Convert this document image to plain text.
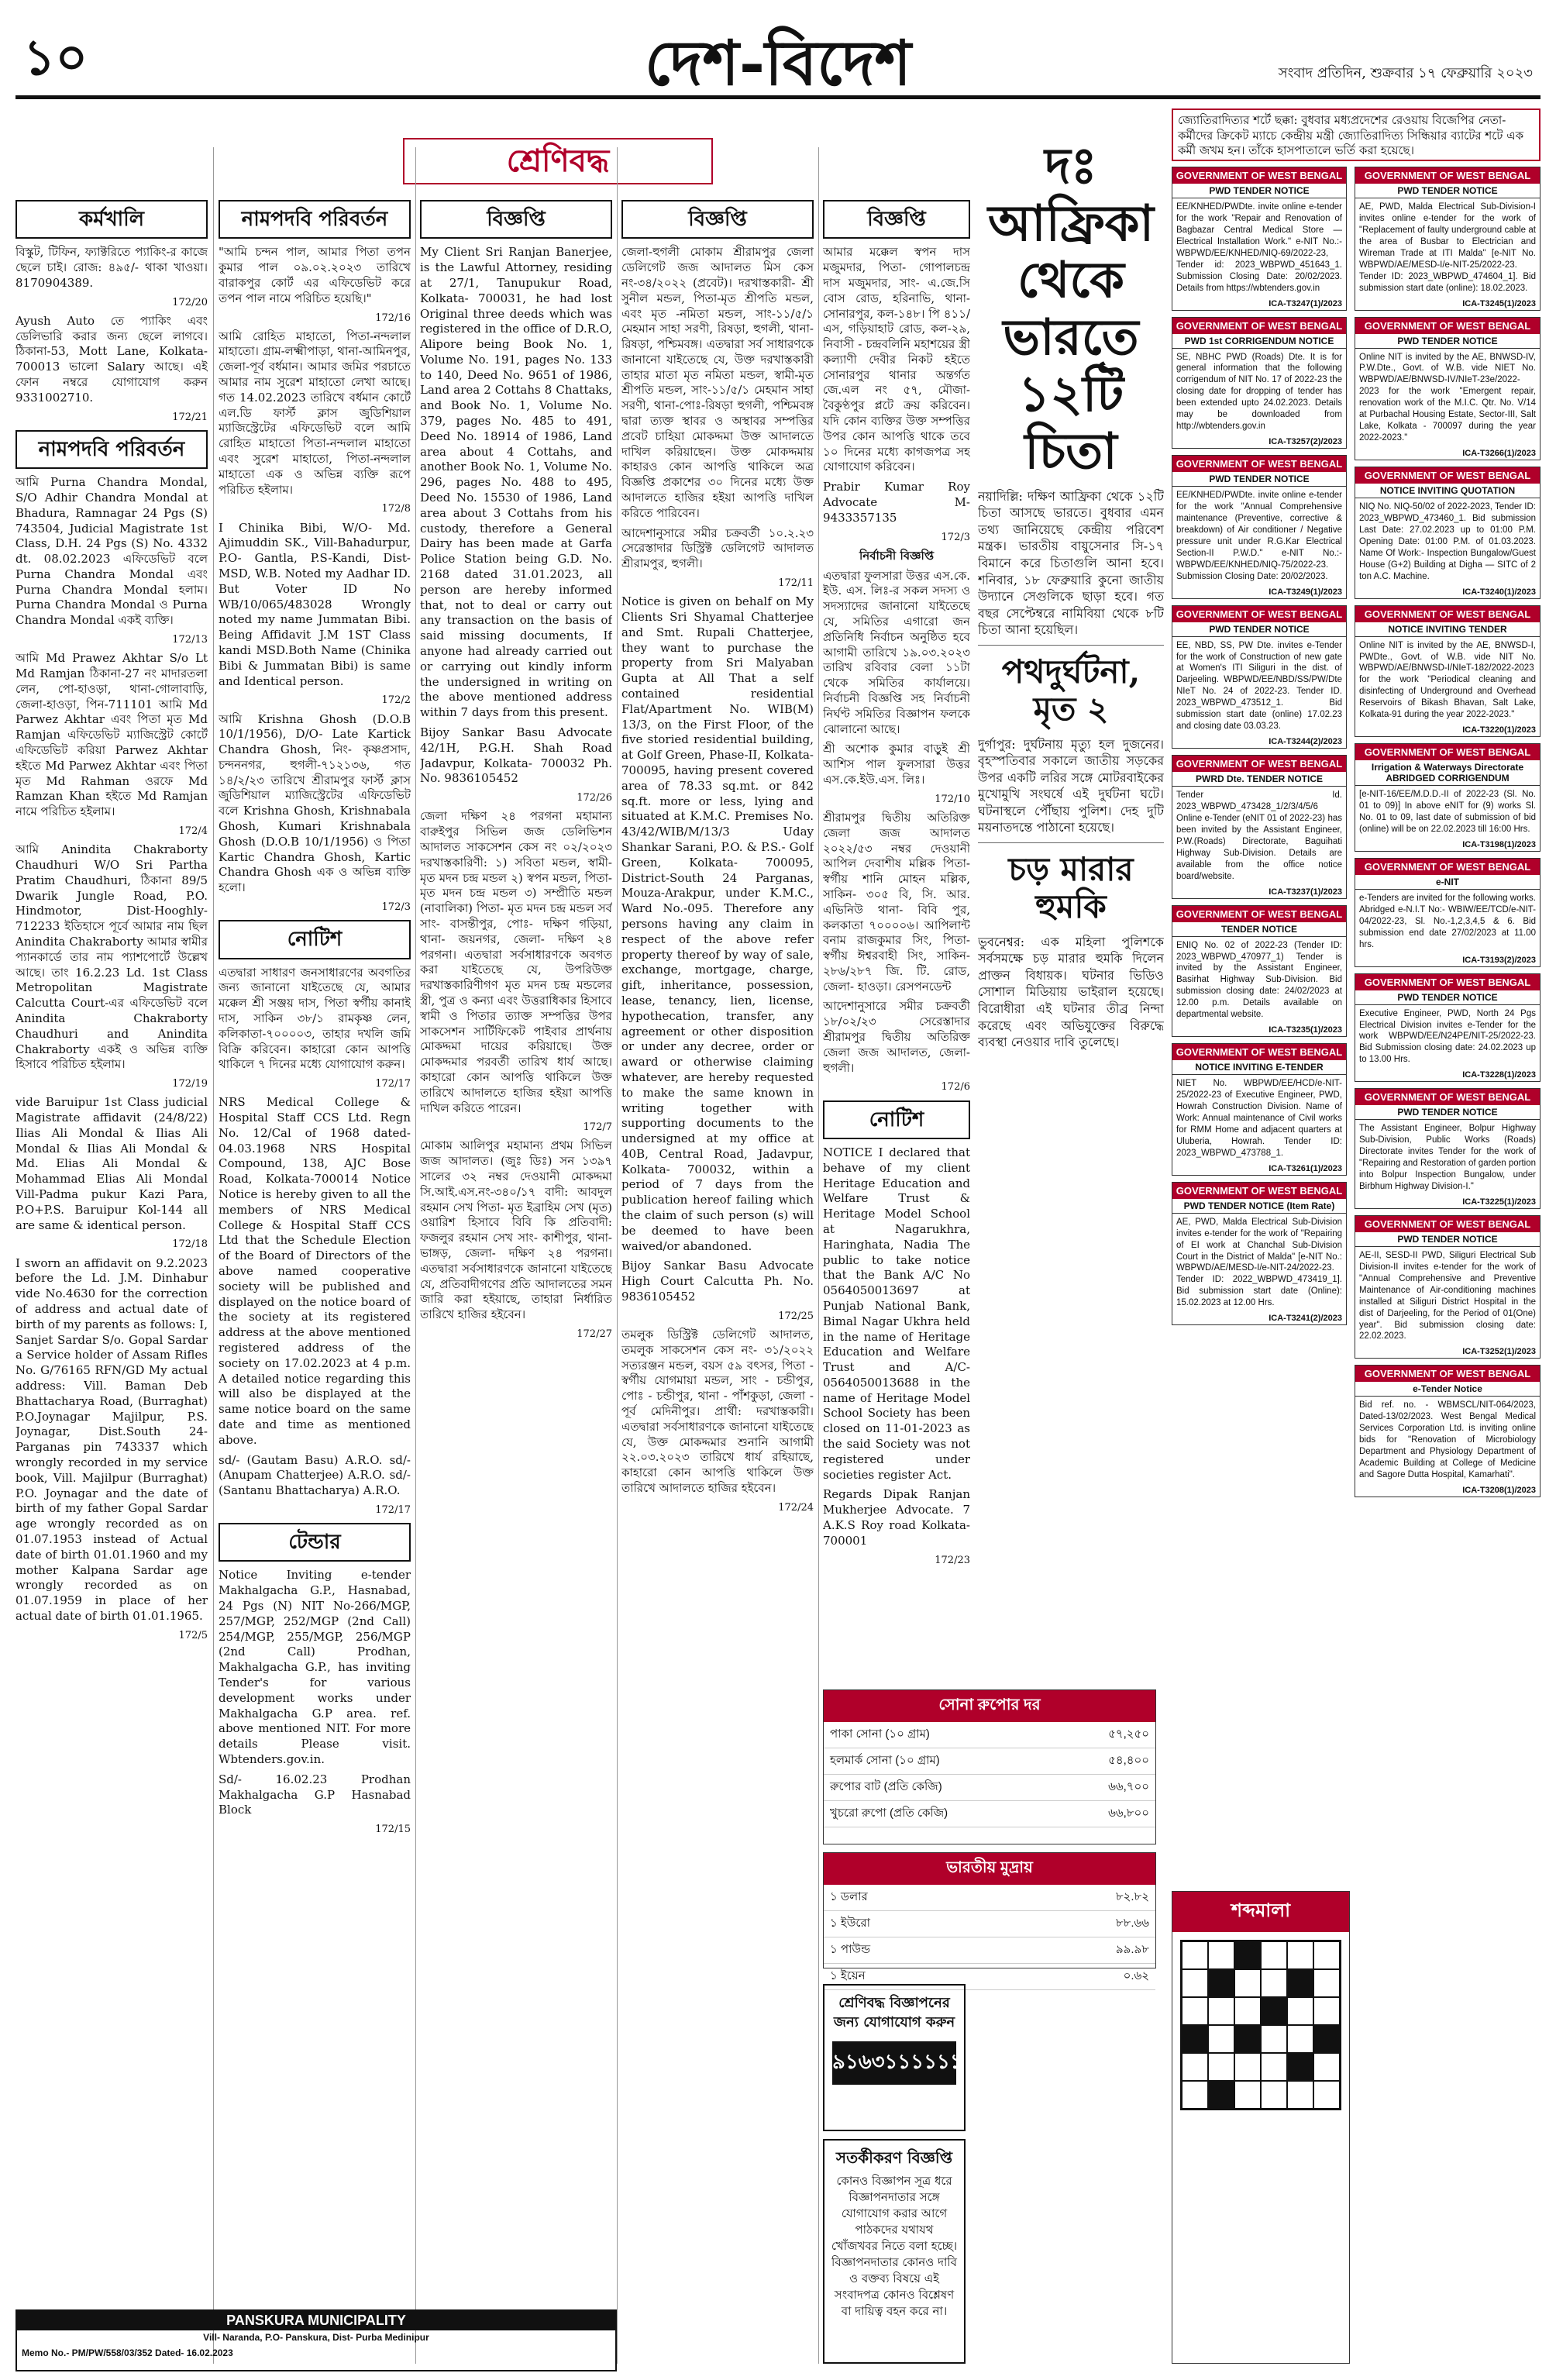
১০	দেশ-বিদেশ	সংবাদ প্রতিদিন, শুক্রবার ১৭ ফেব্রুয়ারি ২০২৩
শ্রেণিবদ্ধ
কর্মখালি

বিস্কুট, টিফিন, ফ্যাক্টরিতে প্যাকিং-র কাজে ছেলে চাই। রোজ: ৪৯৫/- থাকা খাওয়া। 8170904389.

172/20

Ayush Auto তে প্যাকিং এবং ডেলিভারি করার জন্য ছেলে লাগবে। ঠিকানা-53, Mott Lane, Kolkata-700013 ভালো Salary আছে। এই ফোন নম্বরে যোগাযোগ করুন 9331002710.

172/21
নামপদবি পরিবর্তন

আমি Purna Chandra Mondal, S/O Adhir Chandra Mondal at Bhadura, Ramnagar 24 Pgs (S) 743504, Judicial Magistrate 1st Class, D.H. 24 Pgs (S) No. 4332 dt. 08.02.2023 এফিডেভিট বলে Purna Chandra Mondal এবং Purna Chandra Mondal হলাম। Purna Chandra Mondal ও Purna Chandra Mondal একই ব্যক্তি।

172/13

আমি Md Prawez Akhtar S/o Lt Md Ramjan ঠিকানা-27 নং মাদারতলা লেন, পো-হাওড়া, থানা-গোলাবাড়ি, জেলা-হাওড়া, পিন-711101 আমি Md Parwez Akhtar এবং পিতা মৃত Md Ramjan এফিডেভিট ম্যাজিস্ট্রেট কোর্টে এফিডেভিট করিয়া Parwez Akhtar হইতে Md Parwez Akhtar এবং পিতা মৃত Md Rahman ওরফে Md Ramzan Khan হইতে Md Ramjan নামে পরিচিত হইলাম।

172/4

আমি Anindita Chakraborty Chaudhuri W/O Sri Partha Pratim Chaudhuri, ঠিকানা 89/5 Dwarik Jungle Road, P.O. Hindmotor, Dist-Hooghly-712233 ইতিহাসে পূর্বে আমার নাম ছিল Anindita Chakraborty আমার স্বামীর প্যানকার্ডে তার নাম প্যাশপোর্টে উল্লেখ আছে। তাং 16.2.23 Ld. 1st Class Metropolitan Magistrate Calcutta Court-এর এফিডেভিট বলে Anindita Chakraborty Chaudhuri and Anindita Chakraborty একই ও অভিন্ন ব্যক্তি হিসাবে পরিচিত হইলাম।

172/19

vide Baruipur 1st Class judicial Magistrate affidavit (24/8/22) Ilias Ali Mondal & Ilias Ali Mondal & Ilias Ali Mondal & Md. Elias Ali Mondal & Mohammad Elias Ali Mondal Vill-Padma pukur Kazi Para, P.O+P.S. Baruipur Kol-144 all are same & identical person.

172/18

I sworn an affidavit on 9.2.2023 before the Ld. J.M. Dinhabur vide No.4630 for the correction of address and actual date of birth of my parents as follows: I, Sanjet Sardar S/o. Gopal Sardar a Service holder of Assam Rifles No. G/76165 RFN/GD My actual address: Vill. Baman Deb Bhattacharya Road, (Burraghat) P.O.Joynagar Majilpur, P.S. Joynagar, Dist.South 24-Parganas pin 743337 which wrongly recorded in my service book, Vill. Majilpur (Burraghat) P.O. Joynagar and the date of birth of my father Gopal Sardar age wrongly recorded as on 01.07.1953 instead of Actual date of birth 01.01.1960 and my mother Kalpana Sardar age wrongly recorded as on 01.07.1959 in place of her actual date of birth 01.01.1965.

172/5
নামপদবি পরিবর্তন

"আমি চন্দন পাল, আমার পিতা তপন কুমার পাল ০৯.০২.২০২৩ তারিখে বারাকপুর কোর্ট এর এফিডেভিট করে তপন পাল নামে পরিচিত হয়েছি।"

172/16

আমি রোহিত মাহাতো, পিতা-নন্দলাল মাহাতো। গ্রাম-লক্ষ্মীপাড়া, থানা-আমিনপুর, জেলা-পূর্ব বর্ধমান। আমার জমির পরচাতে আমার নাম সুরেশ মাহাতো লেখা আছে। গত 14.02.2023 তারিখে বর্ধমান কোর্টে এল.ডি ফার্স্ট ক্লাস জুডিশিয়াল ম্যাজিস্ট্রেটের এফিডেভিট বলে আমি রোহিত মাহাতো পিতা-নন্দলাল মাহাতো এবং সুরেশ মাহাতো, পিতা-নন্দলাল মাহাতো এক ও অভিন্ন ব্যক্তি রূপে পরিচিত হইলাম।

172/8

I Chinika Bibi, W/O- Md. Ajimuddin SK., Vill-Bahadurpur, P.O- Gantla, P.S-Kandi, Dist- MSD, W.B. Noted my Aadhar ID. But Voter ID No WB/10/065/483028 Wrongly noted my name Jummatan Bibi. Being Affidavit J.M 1ST Class kandi MSD.Both Name (Chinika Bibi & Jummatan Bibi) is same and Identical person.

172/2

আমি Krishna Ghosh (D.O.B 10/1/1956), D/O- Late Kartick Chandra Ghosh, নিং- কৃষ্ণপ্রসাদ, চন্দননগর, হুগলী-৭১২১৩৬, গত ১৪/২/২৩ তারিখে শ্রীরামপুর ফার্স্ট ক্লাস জুডিশিয়াল ম্যাজিস্ট্রেটের এফিডেভিট বলে Krishna Ghosh, Krishnabala Ghosh, Kumari Krishnabala Ghosh (D.O.B 10/1/1956) ও পিতা Kartic Chandra Ghosh, Kartic Chandra Ghosh এক ও অভিন্ন ব্যক্তি হলো।

172/3
নোটিশ

এতদ্বারা সাধারণ জনসাধারণের অবগতির জন্য জানানো যাইতেছে যে, আমার মক্কেল শ্রী সঞ্জয় দাস, পিতা স্বর্গীয় কানাই দাস, সাকিন ৩৮/১ রামকৃষ্ণ লেন, কলিকাতা-৭০০০০৩, তাহার দখলি জমি বিক্রি করিবেন। কাহারো কোন আপত্তি থাকিলে ৭ দিনের মধ্যে যোগাযোগ করুন।

172/17

NRS Medical College & Hospital Staff CCS Ltd. Regn No. 12/Cal of 1968 dated-04.03.1968 NRS Hospital Compound, 138, AJC Bose Road, Kolkata-700014 Notice Notice is hereby given to all the members of NRS Medical College & Hospital Staff CCS Ltd that the Schedule Election of the Board of Directors of the above named cooperative society will be published and displayed on the notice board of the society at its registered address at the above mentioned registered address of the society on 17.02.2023 at 4 p.m. A detailed notice regarding this will also be displayed at the same notice board on the same date and time as mentioned above.

sd/- (Gautam Basu) A.R.O. sd/- (Anupam Chatterjee) A.R.O. sd/- (Santanu Bhattacharya) A.R.O.

172/17
টেন্ডার

Notice Inviting e-tender Makhalgacha G.P., Hasnabad, 24 Pgs (N) NIT No-266/MGP, 257/MGP, 252/MGP (2nd Call) 254/MGP, 255/MGP, 256/MGP (2nd Call) Prodhan, Makhalgacha G.P., has inviting Tender's for various development works under Makhalgacha G.P area. ref. above mentioned NIT. For more details Please visit. Wbtenders.gov.in.

Sd/- 16.02.23 Prodhan Makhalgacha G.P Hasnabad Block

172/15
বিজ্ঞপ্তি

My Client Sri Ranjan Banerjee, is the Lawful Attorney, residing at 27/1, Tanupukur Road, Kolkata- 700031, he had lost Original three deeds which was registered in the office of D.R.O, Alipore being Book No. 1, Volume No. 191, pages No. 133 to 140, Deed No. 9651 of 1986, Land area 2 Cottahs 8 Chattaks, and Book No. 1, Volume No. 379, pages No. 485 to 491, Deed No. 18914 of 1986, Land area about 4 Cottahs, and another Book No. 1, Volume No. 296, pages No. 488 to 495, Deed No. 15530 of 1986, Land area about 3 Cottahs from his custody, therefore a General Dairy has been made at Garfa Police Station being G.D. No. 2168 dated 31.01.2023, all person are hereby informed that, not to deal or carry out any transaction on the basis of said missing documents, If anyone had already carried out or carrying out kindly inform the undersigned in writing on the above mentioned address within 7 days from this present.

Bijoy Sankar Basu Advocate 42/1H, P.G.H. Shah Road Jadavpur, Kolkata- 700032 Ph. No. 9836105452

172/26

জেলা দক্ষিণ ২৪ পরগনা মহামান্য বারুইপুর সিভিল জজ ডেলিভিশন আদালত সাকসেশন কেস নং ০২/২০২৩ দরখাস্তকারিণী: ১) সবিতা মন্ডল, স্বামী- মৃত মদন চন্দ্র মন্ডল ২) স্বপন মন্ডল, পিতা- মৃত মদন চন্দ্র মন্ডল ৩) সম্প্রীতি মন্ডল (নাবালিকা) পিতা- মৃত মদন চন্দ্র মন্ডল সর্ব সাং- বাসন্তীপুর, পোঃ- দক্ষিণ গড়িয়া, থানা- জয়নগর, জেলা- দক্ষিণ ২৪ পরগনা। এতদ্বারা সর্বসাধারণকে অবগত করা যাইতেছে যে, উপরিউক্ত দরখাস্তকারিণীগণ মৃত মদন চন্দ্র মন্ডলের স্ত্রী, পুত্র ও কন্যা এবং উত্তরাধিকার হিসাবে স্বামী ও পিতার ত্যাক্ত সম্পত্তির উপর সাকসেশন সার্টিফিকেট পাইবার প্রার্থনায় মোকদ্দমা দায়ের করিয়াছে। উক্ত মোকদ্দমার পরবর্তী তারিখ ধার্য আছে। কাহারো কোন আপত্তি থাকিলে উক্ত তারিখে আদালতে হাজির হইয়া আপত্তি দাখিল করিতে পারেন।

172/7

মোকাম আলিপুর মহামান্য প্রথম সিভিল জজ আদালত। (জুঃ ডিঃ) সন ১৩৯৭ সালের ৩২ নম্বর দেওয়ানী মোকদ্দমা সি.আই.এস.নং-৩৪০/১৭ বাদী: আবদুল রহমান সেখ পিতা- মৃত ইব্রাহিম সেখ (মৃত) ওয়ারিশ হিসাবে বিবি কি প্রতিবাদী: ফজলুর রহমান সেখ সাং- কাশীপুর, থানা- ভাঙ্গড়, জেলা- দক্ষিণ ২৪ পরগনা। এতদ্বারা সর্বসাধারণকে জানানো যাইতেছে যে, প্রতিবাদীগণের প্রতি আদালতের সমন জারি করা হইয়াছে, তাহারা নির্ধারিত তারিখে হাজির হইবেন।

172/27
বিজ্ঞপ্তি

জেলা-হুগলী মোকাম শ্রীরামপুর জেলা ডেলিগেট জজ আদালত মিস কেস নং-৩৪/২০২২ (প্রবেট)। দরখাস্তকারী- শ্রী সুনীল মন্ডল, পিতা-মৃত শ্রীপতি মন্ডল, এবং মৃত -নমিতা মন্ডল, সাং-১১/৫/১ মেহমান সাহা সরণী, রিষড়া, হুগলী, থানা-রিষড়া, পশ্চিমবঙ্গ। এতদ্বারা সর্ব সাধারণকে জানানো যাইতেছে যে, উক্ত দরখাস্তকারী তাহার মাতা মৃত নমিতা মন্ডল, স্বামী-মৃত শ্রীপতি মন্ডল, সাং-১১/৫/১ মেহমান সাহা সরণী, থানা-পোঃ-রিষড়া হুগলী, পশ্চিমবঙ্গ দ্বারা ত্যক্ত স্থাবর ও অস্থাবর সম্পত্তির প্রবেট চাহিয়া মোকদ্দমা উক্ত আদালতে দাখিল করিয়াছেন। উক্ত মোকদ্দমায় কাহারও কোন আপত্তি থাকিলে অত্র বিজ্ঞপ্তি প্রকাশের ৩০ দিনের মধ্যে উক্ত আদালতে হাজির হইয়া আপত্তি দাখিল করিতে পারিবেন।

আদেশানুসারে সমীর চক্রবর্তী ১০.২.২৩ সেরেস্তাদার ডিস্ট্রিক্ট ডেলিগেট আদালত শ্রীরামপুর, হুগলী।

172/11

Notice is given on behalf on My Clients Sri Shyamal Chatterjee and Smt. Rupali Chatterjee, they want to purchase the property from Sri Malyaban Gupta at All That a self contained residential Flat/Apartment No. WIB(M) 13/3, on the First Floor, of the five storied residential building, at Golf Green, Phase-II, Kolkata-700095, having present covered area of 78.33 sq.mt. or 842 sq.ft. more or less, lying and situated at K.M.C. Premises No. 43/42/WIB/M/13/3 Uday Shankar Sarani, P.O. & P.S.- Golf Green, Kolkata- 700095, District-South 24 Parganas, Mouza-Arakpur, under K.M.C., Ward No.-095. Therefore any persons having any claim in respect of the above refer property thereof by way of sale, exchange, mortgage, charge, gift, inheritance, possession, lease, tenancy, lien, license, hypothecation, transfer, any agreement or other disposition or under any decree, order or award or otherwise claiming whatever, are hereby requested to make the same known in writing together with supporting documents to the undersigned at my office at 40B, Central Road, Jadavpur, Kolkata- 700032, within a period of 7 days from the publication hereof failing which the claim of such person (s) will be deemed to have been waived/or abandoned.

Bijoy Sankar Basu Advocate High Court Calcutta Ph. No. 9836105452

172/25

তমলুক ডিস্ট্রিক্ট ডেলিগেট আদালত, তমলুক সাকসেশন কেস নং- ৩১/২০২২ সত্যরঞ্জন মন্ডল, বয়স ৫৯ বৎসর, পিতা - স্বর্গীয় যোগমায়া মন্ডল, সাং - চন্ডীপুর, পোঃ - চন্ডীপুর, থানা - পাঁশকুড়া, জেলা - পূর্ব মেদিনীপুর। প্রার্থী: দরখাস্তকারী। এতদ্বারা সর্বসাধারণকে জানানো যাইতেছে যে, উক্ত মোকদ্দমার শুনানি আগামী ২২.০৩.২০২৩ তারিখে ধার্য রহিয়াছে, কাহারো কোন আপত্তি থাকিলে উক্ত তারিখে আদালতে হাজির হইবেন।

172/24
বিজ্ঞপ্তি

আমার মক্কেল স্বপন দাস মজুমদার, পিতা- গোপালচন্দ্র দাস মজুমদার, সাং- এ.জে.সি বোস রোড, হরিনাভি, থানা- সোনারপুর, কল-১৪৮। পি ৪১১/এস, গড়িয়াহাট রোড, কল-২৯, নিবাসী - চন্দ্রবলিনি মহাশয়ের স্ত্রী কল্যাণী দেবীর নিকট হইতে সোনারপুর থানার অন্তর্গত জে.এল নং ৫৭, মৌজা- বৈকুণ্ঠপুর প্লটে ক্রয় করিবেন। যদি কোন ব্যক্তির উক্ত সম্পত্তির উপর কোন আপত্তি থাকে তবে ১০ দিনের মধ্যে কাগজপত্র সহ যোগাযোগ করিবেন।

Prabir Kumar Roy Advocate M-9433357135

172/3

নির্বাচনী বিজ্ঞপ্তি

এতদ্বারা ফুলসারা উত্তর এস.কে. ইউ. এস. লিঃ-র সকল সদস্য ও সদস্যাদের জানানো যাইতেছে যে, সমিতির এগারো জন প্রতিনিধি নির্বাচন অনুষ্ঠিত হবে আগামী তারিখে ১৯.০৩.২০২৩ তারিখ রবিবার বেলা ১১টা থেকে সমিতির কার্যালয়ে। নির্বাচনী বিজ্ঞপ্তি সহ নির্বাচনী নির্ঘণ্ট সমিতির বিজ্ঞাপন ফলকে ঝোলানো আছে।

শ্রী অশোক কুমার বাড়ুই শ্রী আশিস পাল ফুলসারা উত্তর এস.কে.ইউ.এস. লিঃ।

172/10

শ্রীরামপুর দ্বিতীয় অতিরিক্ত জেলা জজ আদালত ২০২২/৫৩ নম্বর দেওয়ানী আপিল দেবাশীষ মল্লিক পিতা- স্বর্গীয় শানি মোহন মল্লিক, সাকিন- ৩০৫ বি, সি. আর. এভিনিউ থানা- বিবি পুর, কলকাতা ৭০০০০৬। আপিলান্ট বনাম রাজকুমার সিং, পিতা- স্বর্গীয় ঈশ্বরবাহী সিং, সাকিন- ২৮৬/২৮৭ জি. টি. রোড, জেলা- হাওড়া। রেসপনডেন্ট

আদেশানুসারে সমীর চক্রবর্তী ১৮/০২/২৩ সেরেস্তাদার শ্রীরামপুর দ্বিতীয় অতিরিক্ত জেলা জজ আদালত, জেলা-হুগলী।

172/6
নোটিশ

NOTICE I declared that behave of my client Heritage Education and Welfare Trust & Heritage Model School at Nagarukhra, Haringhata, Nadia The public to take notice that the Bank A/C No 0564050013697 at Punjab National Bank, Bimal Nagar Ukhra held in the name of Heritage Education and Welfare Trust and A/C- 0564050013688 in the name of Heritage Model School Society has been closed on 11-01-2023 as the said Society was not registered under societies register Act.

Regards Dipak Ranjan Mukherjee Advocate. 7 A.K.S Roy road Kolkata-700001

172/23
সতর্কীকরণ বিজ্ঞপ্তি
কোনও বিজ্ঞাপন সূত্র ধরে বিজ্ঞাপনদাতার সঙ্গে যোগাযোগ করার আগে পাঠকদের যথাযথ খোঁজখবর নিতে বলা হচ্ছে। বিজ্ঞাপনদাতার কোনও দাবি ও বক্তব্য বিষয়ে এই সংবাদপত্র কোনও বিশ্লেষণ বা দায়িত্ব বহন করে না।
দঃ আফ্রিকা থেকে ভারতে ১২টি চিতা

নয়াদিল্লি: দক্ষিণ আফ্রিকা থেকে ১২টি চিতা আসছে ভারতে। বুধবার এমন তথ্য জানিয়েছে কেন্দ্রীয় পরিবেশ মন্ত্রক। ভারতীয় বায়ুসেনার সি-১৭ বিমানে করে চিতাগুলি আনা হবে। শনিবার, ১৮ ফেব্রুয়ারি কুনো জাতীয় উদ্যানে সেগুলিকে ছাড়া হবে। গত বছর সেপ্টেম্বরে নামিবিয়া থেকে ৮টি চিতা আনা হয়েছিল।

পথদুর্ঘটনা, মৃত ২

দুর্গাপুর: দুর্ঘটনায় মৃত্যু হল দুজনের। বৃহস্পতিবার সকালে জাতীয় সড়কের উপর একটি লরির সঙ্গে মোটরবাইকের মুখোমুখি সংঘর্ষে এই দুর্ঘটনা ঘটে। ঘটনাস্থলে পৌঁছায় পুলিশ। দেহ দুটি ময়নাতদন্তে পাঠানো হয়েছে।

চড় মারার হুমকি

ভুবনেশ্বর: এক মহিলা পুলিশকে সর্বসমক্ষে চড় মারার হুমকি দিলেন প্রাক্তন বিধায়ক। ঘটনার ভিডিও সোশাল মিডিয়ায় ভাইরাল হয়েছে। বিরোধীরা এই ঘটনার তীব্র নিন্দা করেছে এবং অভিযুক্তের বিরুদ্ধে ব্যবস্থা নেওয়ার দাবি তুলেছে।

জ্যোতিরাদিত্যর শর্টে ছক্কা: বুধবার মধ্যপ্রদেশের রেওয়ায় বিজেপির নেতা-কর্মীদের ক্রিকেট ম্যাচে কেন্দ্রীয় মন্ত্রী জ্যোতিরাদিত্য সিন্ধিয়ার ব্যাটের শটে এক কর্মী জখম হন। তাঁকে হাসপাতালে ভর্তি করা হয়েছে।
সোনা রুপোর দর
পাকা সোনা (১০ গ্রাম)	৫৭,২৫০
হলমার্ক সোনা (১০ গ্রাম)	৫৪,৪০০
রুপোর বাট (প্রতি কেজি)	৬৬,৭০০
খুচরো রুপো (প্রতি কেজি)	৬৬,৮০০
ভারতীয় মুদ্রায়
১ ডলার	৮২.৮২
১ ইউরো	৮৮.৬৬
১ পাউন্ড	৯৯.৯৮
১ ইয়েন	০.৬২
শ্রেণিবদ্ধ বিজ্ঞাপনের জন্য যোগাযোগ করুন
৯১৬৩১১১১১১
GOVERNMENT OF WEST BENGAL
PWD TENDER NOTICE
EE/KNHED/PWDte. invite online e-tender for the work "Repair and Renovation of Bagbazar Central Medical Store — Electrical Installation Work." e-NIT No.:- WBPWD/EE/KNHED/NIQ-69/2022-23, Tender id: 2023_WBPWD_451643_1. Submission Closing Date: 20/02/2023. Details from https://wbtenders.gov.in
ICA-T3247(1)/2023
GOVERNMENT OF WEST BENGAL
PWD 1st CORRIGENDUM NOTICE
SE, NBHC PWD (Roads) Dte. It is for general information that the following corrigendum of NIT No. 17 of 2022-23 the closing date for dropping of tender has been extended upto 24.02.2023. Details may be downloaded from http://wbtenders.gov.in
ICA-T3257(2)/2023
GOVERNMENT OF WEST BENGAL
PWD TENDER NOTICE
EE/KNHED/PWDte. invite online e-tender for the work "Annual Comprehensive maintenance (Preventive, corrective & breakdown) of Air conditioner / Negative pressure unit under R.G.Kar Electrical Section-II P.W.D." e-NIT No.:- WBPWD/EE/KNHED/NIQ-75/2022-23. Submission Closing Date: 20/02/2023.
ICA-T3249(1)/2023
GOVERNMENT OF WEST BENGAL
PWD TENDER NOTICE
EE, NBD, SS, PW Dte. invites e-Tender for the work of Construction of new gate at Women's ITI Siliguri in the dist. of Darjeeling. WBPWD/EE/NBD/SS/PW/Dte NIeT No. 24 of 2022-23. Tender ID. 2023_WBPWD_473512_1. Bid submission start date (online) 17.02.23 and closing date 03.03.23.
ICA-T3244(2)/2023
GOVERNMENT OF WEST BENGAL
PWRD Dte. TENDER NOTICE
Tender Id. 2023_WBPWD_473428_1/2/3/4/5/6 Online e-Tender (eNIT 01 of 2022-23) has been invited by the Assistant Engineer, P.W.(Roads) Directorate, Baguihati Highway Sub-Division. Details are available from the office notice board/website.
ICA-T3237(1)/2023
GOVERNMENT OF WEST BENGAL
TENDER NOTICE
ENIQ No. 02 of 2022-23 (Tender ID: 2023_WBPWD_470977_1) Tender is invited by the Assistant Engineer, Basirhat Highway Sub-Division. Bid submission closing date: 24/02/2023 at 12.00 p.m. Details available on departmental website.
ICA-T3235(1)/2023
GOVERNMENT OF WEST BENGAL
NOTICE INVITING E-TENDER
NIET No. WBPWD/EE/HCD/e-NIT-25/2022-23 of Executive Engineer, PWD, Howrah Construction Division. Name of Work: Annual maintenance of Civil works for RMM Home and adjacent quarters at Uluberia, Howrah. Tender ID: 2023_WBPWD_473788_1.
ICA-T3261(1)/2023
GOVERNMENT OF WEST BENGAL
PWD TENDER NOTICE (Item Rate)
AE, PWD, Malda Electrical Sub-Division invites e-tender for the work of "Repairing of EI work at Chanchal Sub-Division Court in the District of Malda" [e-NIT No.: WBPWD/AE/MESD-I/e-NIT-24/2022-23. Tender ID: 2022_WBPWD_473419_1]. Bid submission start date (Online): 15.02.2023 at 12.00 Hrs.
ICA-T3241(2)/2023
GOVERNMENT OF WEST BENGAL
PWD TENDER NOTICE
AE, PWD, Malda Electrical Sub-Division-I invites online e-tender for the work of "Replacement of faulty underground cable at the area of Busbar to Electrician and Wireman Trade at ITI Malda" [e-NIT No. WBPWD/AE/MESD-I/e-NIT-25/2022-23. Tender ID: 2023_WBPWD_474604_1]. Bid submission start date (online): 18.02.2023.
ICA-T3245(1)/2023
GOVERNMENT OF WEST BENGAL
PWD TENDER NOTICE
Online NIT is invited by the AE, BNWSD-IV, P.W.Dte., Govt. of W.B. vide NIET No. WBPWD/AE/BNWSD-IV/NIeT-23e/2022-2023 for the work "Emergent repair, renovation work of the M.I.C. Qtr. No. V/14 at Purbachal Housing Estate, Sector-III, Salt Lake, Kolkata - 700097 during the year 2022-2023."
ICA-T3266(1)/2023
GOVERNMENT OF WEST BENGAL
NOTICE INVITING QUOTATION
NIQ No. NIQ-50/02 of 2022-2023, Tender ID: 2023_WBPWD_473460_1. Bid submission Last Date: 27.02.2023 up to 01:00 P.M. Opening Date: 01:00 P.M. of 01.03.2023. Name Of Work:- Inspection Bungalow/Guest House (G+2) Building at Digha — SITC of 2 ton A.C. Machine.
ICA-T3240(1)/2023
GOVERNMENT OF WEST BENGAL
NOTICE INVITING TENDER
Online NIT is invited by the AE, BNWSD-I, PWDte., Govt. of W.B. vide NIT No. WBPWD/AE/BNWSD-I/NIeT-182/2022-2023 for the work "Periodical cleaning and disinfecting of Underground and Overhead Reservoirs of Bikash Bhavan, Salt Lake, Kolkata-91 during the year 2022-2023."
ICA-T3220(1)/2023
GOVERNMENT OF WEST BENGAL
Irrigation & Waterways Directorate ABRIDGED CORRIGENDUM
[e-NIT-16/EE/M.D.D.-II of 2022-23 (Sl. No. 01 to 09)] In above eNIT for (9) works Sl. No. 01 to 09, last date of submission of bid (online) will be on 22.02.2023 till 16:00 Hrs.
ICA-T3198(1)/2023
GOVERNMENT OF WEST BENGAL
e-NIT
e-Tenders are invited for the following works. Abridged e-N.I.T No:- WBIW/EE/TCD/e-NIT-04/2022-23, Sl. No.-1,2,3,4,5 & 6. Bid submission end date 27/02/2023 at 11.00 hrs.
ICA-T3193(2)/2023
GOVERNMENT OF WEST BENGAL
PWD TENDER NOTICE
Executive Engineer, PWD, North 24 Pgs Electrical Division invites e-Tender for the work WBPWD/EE/N24PE/NIT-25/2022-23. Bid Submission closing date: 24.02.2023 up to 13.00 Hrs.
ICA-T3228(1)/2023
GOVERNMENT OF WEST BENGAL
PWD TENDER NOTICE
The Assistant Engineer, Bolpur Highway Sub-Division, Public Works (Roads) Directorate invites Tender for the work of "Repairing and Restoration of garden portion into Bolpur Inspection Bungalow, under Birbhum Highway Division-I."
ICA-T3225(1)/2023
GOVERNMENT OF WEST BENGAL
PWD TENDER NOTICE
AE-II, SESD-II PWD, Siliguri Electrical Sub Division-II invites e-tender for the work of "Annual Comprehensive and Preventive Maintenance of Air-conditioning machines installed at Siliguri District Hospital in the dist of Darjeeling, for the Period of 01(One) year". Bid submission closing date: 22.02.2023.
ICA-T3252(1)/2023
GOVERNMENT OF WEST BENGAL
e-Tender Notice
Bid ref. no. - WBMSCL/NIT-064/2023, Dated-13/02/2023. West Bengal Medical Services Corporation Ltd. is inviting online bids for "Renovation of Microbiology Department and Physiology Department of Academic Building at College of Medicine and Sagore Dutta Hospital, Kamarhati".
ICA-T3208(1)/2023
শব্দমালা
PANSKURA MUNICIPALITY
Vill- Naranda, P.O- Panskura, Dist- Purba Medinipur
Memo No.- PM/PW/558/03/352 Dated- 16.02.2023
